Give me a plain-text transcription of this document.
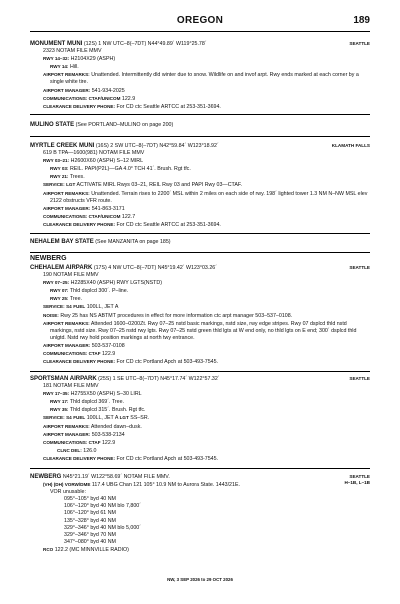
OREGON	189
SEATTLE
MONUMENT MUNI (12S) 1 NW UTC–8(–7DT) N44°49.89´ W119°25.78´
2323 NOTAM FILE MMV
RWY 14–32: H2104X29 (ASPH)
RWY 14: Hill.
AIRPORT REMARKS: Unattended. Intermittently dld winter due to snow. Wildlife on and invof arpt. Rwy ends marked at each corner by a single white tire.
AIRPORT MANAGER: 541-934-2025
COMMUNICATIONS: CTAF/UNICOM 122.9
CLEARANCE DELIVERY PHONE: For CD ctc Seattle ARTCC at 253-351-3694.
MULINO STATE (See PORTLAND–MULINO on page 200)
KLAMATH FALLS
MYRTLE CREEK MUNI (16S) 2 SW UTC–8(–7DT) N42°59.84´ W123°18.92´
619 B TPA—1600(981) NOTAM FILE MMV
RWY 03–21: H2600X60 (ASPH) S–12 MIRL
RWY 03: REIL. PAPI(P2L)—GA 4.0° TCH 41´. Brush. Rgt tfc.
RWY 21: Trees.
SERVICE: LGT ACTIVATE MIRL Rwys 03–21, REIL Rwy 03 and PAPI Rwy 03—CTAF.
AIRPORT REMARKS: Unattended. Terrain rises to 2200´ MSL within 2 miles on each side of rwy. 198´ lighted tower 1.3 NM N–NW MSL elev 2122 obstructs VFR route.
AIRPORT MANAGER: 541-863-3171
COMMUNICATIONS: CTAF/UNICOM 122.7
CLEARANCE DELIVERY PHONE: For CD ctc Seattle ARTCC at 253-351-3694.
NEHALEM BAY STATE (See MANZANITA on page 185)
NEWBERG
SEATTLE
CHEHALEM AIRPARK (17S) 4 NW UTC–8(–7DT) N45°19.42´ W123°03.26´
190 NOTAM FILE MMV
RWY 07–25: H2285X40 (ASPH) RWY LGTS(NSTD)
RWY 07: Thld dsplcd 300´. P–line.
RWY 25: Tree.
SERVICE: S4 FUEL 100LL, JET A
NOISE: Rwy 25 has NS ABTMT procedures in effect for more information ctc arpt manager 503–537–0108.
AIRPORT REMARKS: Attended 1600–0200Zt. Rwy 07–25 nstd basic markings, nstd size, rwy edge stripes. Rwy 07 dsplcd thld nstd markings, nstd size. Rwy 07–25 nstd rwy lgts. Rwy 07–25 nstd green thld lgts at W end only, no thld lgts on E end; 300´ dsplcd thld unlgtd. Nstd rwy hold position markings at north twy entrance.
AIRPORT MANAGER: 503-537-0108
COMMUNICATIONS: CTAF 122.9
CLEARANCE DELIVERY PHONE: For CD ctc Portland Apch at 503-493-7545.
SEATTLE
SPORTSMAN AIRPARK (25S) 1 SE UTC–8(–7DT) N45°17.74´ W122°57.32´
181 NOTAM FILE MMV
RWY 17–35: H2755X50 (ASPH) S–30 LIRL
RWY 17: Thld dsplcd 369´. Tree.
RWY 35: Thld dsplcd 315´. Brush. Rgt tfc.
SERVICE: S4 FUEL 100LL, JET A LGT SS–SR.
AIRPORT REMARKS: Attended dawn–dusk.
AIRPORT MANAGER: 503-538-2134
COMMUNICATIONS: CTAF 122.9
CLNC DEL: 126.0
CLEARANCE DELIVERY PHONE: For CD ctc Portland Apch at 503-493-7545.
SEATTLE
H–1B, L–1B
NEWBERG N45°21.19´ W122°58.69´ NOTAM FILE MMV.
(VH) (DH) VORW/DME 117.4 UBG Chan 121 105° 10.9 NM to Aurora State. 1443/21E.
VOR unusable:
095°–105° byd 40 NM
106°–120° byd 40 NM blo 7,800´
106°–120° byd 61 NM
135°–328° byd 40 NM
329°–346° byd 40 NM blo 5,000´
329°–346° byd 70 NM
347°–080° byd 40 NM
RCO 122.2 (MC MINNVILLE RADIO)
NW, 3 SEP 2026 to 29 OCT 2026
